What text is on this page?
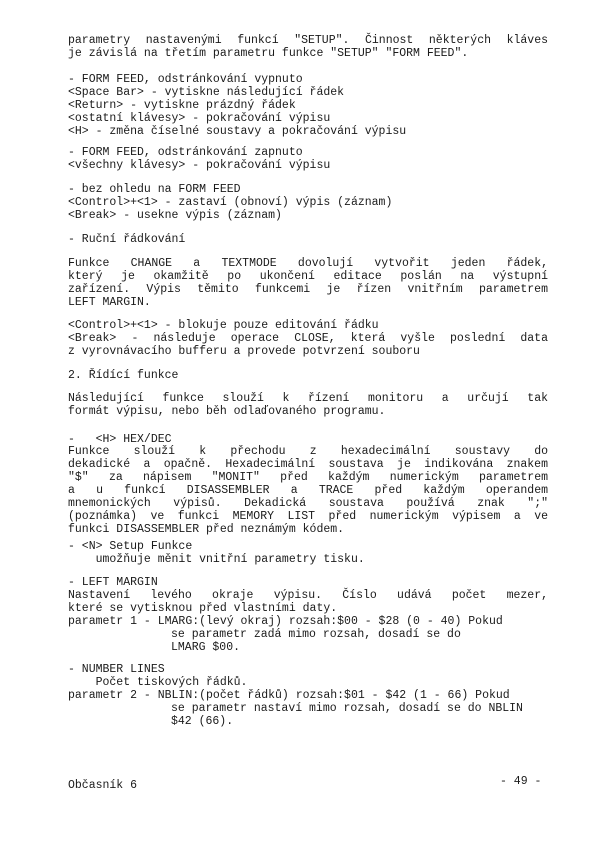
parametry nastavenými funkcí "SETUP". Činnost některých kláves
je závislá na třetím parametru funkce "SETUP" "FORM FEED".
- FORM FEED, odstránkování vypnuto
<Space Bar> - vytiskne následující řádek
<Return> - vytiskne prázdný řádek
<ostatní klávesy> - pokračování výpisu
<H> - změna číselné soustavy a pokračování výpisu
- FORM FEED, odstránkování zapnuto
<všechny klávesy> - pokračování výpisu
- bez ohledu na FORM FEED
<Control>+<1> - zastaví (obnoví) výpis (záznam)
<Break> - usekne výpis (záznam)
- Ruční řádkování
Funkce CHANGE a TEXTMODE dovolují vytvořit jeden řádek,
který je okamžitě po ukončení editace poslán na výstupní
zařízení. Výpis těmito funkcemi je řízen vnitřním parametrem
LEFT MARGIN.
<Control>+<1> - blokuje pouze editování řádku
<Break> - následuje operace CLOSE, která vyšle poslední data
z vyrovnávacího bufferu a provede potvrzení souboru
2. Řídící funkce
Následující funkce slouží k řízení monitoru a určují tak
formát výpisu, nebo běh odlaďovaného programu.
-   <H> HEX/DEC
Funkce slouží k přechodu z hexadecimální soustavy do
dekadické a opačně. Hexadecimální soustava je indikována znakem
"$" za nápisem "MONIT" před každým numerickým parametrem
a u funkcí DISASSEMBLER a TRACE před každým operandem
mnemonických výpisů. Dekadická soustava používá znak ";"
(poznámka) ve funkci MEMORY LIST před numerickým výpisem a ve
funkci DISASSEMBLER před neznámým kódem.
- <N> Setup Funkce
umožňuje měnit vnitřní parametry tisku.
- LEFT MARGIN
Nastavení levého okraje výpisu. Číslo udává počet mezer,
které se vytisknou před vlastními daty.
parametr 1 - LMARG:(levý okraj) rozsah:$00 - $28 (0 - 40) Pokud
se parametr zadá mimo rozsah, dosadí se do
LMARG $00.
- NUMBER LINES
Počet tiskových řádků.
parametr 2 - NBLIN:(počet řádků) rozsah:$01 - $42 (1 - 66) Pokud
se parametr nastaví mimo rozsah, dosadí se do NBLIN
$42 (66).
Občasník 6	- 49 -
